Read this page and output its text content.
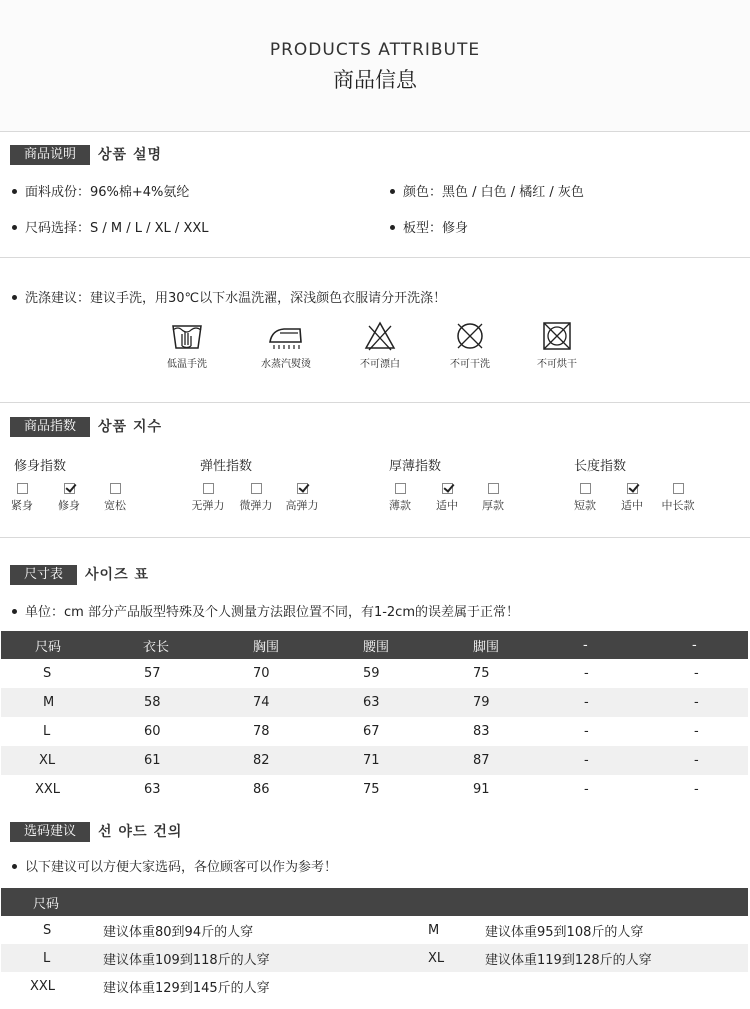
PRODUCTS ATTRIBUTE
商品信息
商品说明 상품 설명
面料成份：96%棉+4%氨纶	颜色：黑色 / 白色 / 橘红 / 灰色
尺码选择：S / M / L / XL / XXL	板型：修身
洗涤建议：建议手洗，用30℃以下水温洗濯，深浅颜色衣服请分开洗涤！
低温手洗	水蒸汽熨烫	不可漂白	不可干洗	不可烘干
商品指数 상품 지수
修身指数	弹性指数	厚薄指数	长度指数
紧身	修身	宽松	无弹力	微弹力	高弹力	薄款	适中	厚款	短款	适中	中长款
尺寸表 사이즈 표
单位：cm 部分产品版型特殊及个人测量方法跟位置不同，有1-2cm的误差属于正常！
尺码	衣长	胸围	腰围	脚围	-	-
S	57	70	59	75	-	-
M	58	74	63	79	-	-
L	60	78	67	83	-	-
XL	61	82	71	87	-	-
XXL	63	86	75	91	-	-
选码建议 선 야드 건의
以下建议可以方便大家选码，各位顾客可以作为参考！
尺码			
S	建议体重80到94斤的人穿	M	建议体重95到108斤的人穿
L	建议体重109到118斤的人穿	XL	建议体重119到128斤的人穿
XXL	建议体重129到145斤的人穿		
